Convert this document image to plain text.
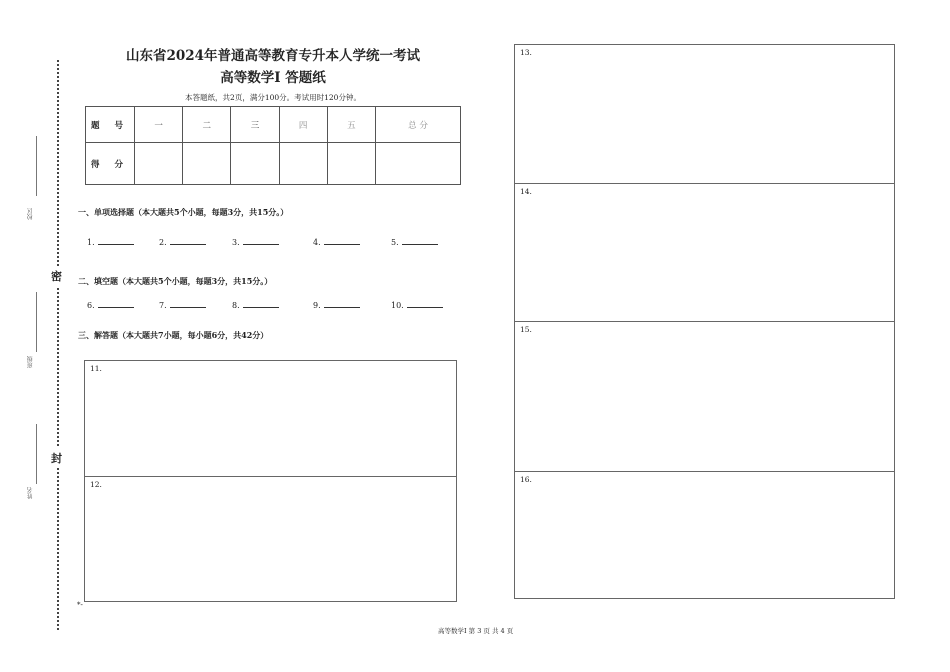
密
封
校区
班级
姓名
山东省2024年普通高等教育专升本人学统一考试
高等数学Ⅰ 答题纸
本答题纸，共2页，满分100分。考试用时120分钟。
题 号	一	二	三	四	五	总 分
得 分						
一、单项选择题（本大题共5个小题，每题3分，共15分。）
1.	2.	3.	4.	5.
二、填空题（本大题共5个小题，每题3分，共15分。）
6.	7.	8.	9.	10.
三、解答题（本大题共7小题，每小题6分，共42分）
11.
12.
*-
13.
14.
15.
16.
高等数学Ⅰ 第 3 页 共 4 页
